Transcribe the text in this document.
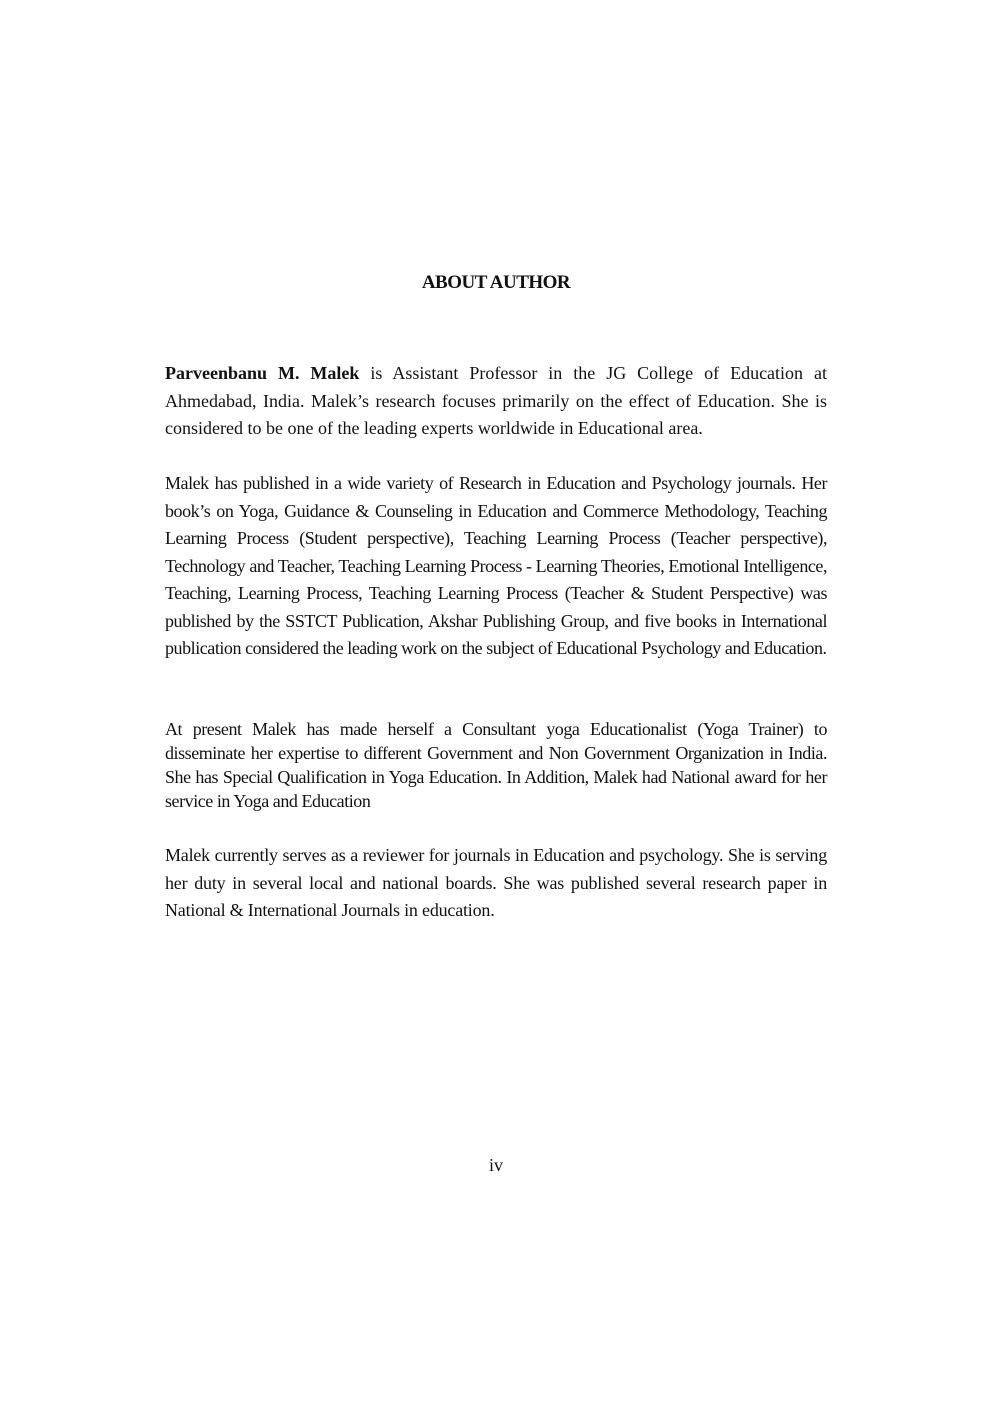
ABOUT AUTHOR

Parveenbanu M. Malek is Assistant Professor in the JG College of Education at Ahmedabad, India. Malek’s research focuses primarily on the effect of Education. She is considered to be one of the leading experts worldwide in Educational area.

Malek has published in a wide variety of Research in Education and Psychology journals. Her book’s on Yoga, Guidance & Counseling in Education and Commerce Methodology, Teaching Learning Process (Student perspective), Teaching Learning Process (Teacher perspective), Technology and Teacher, Teaching Learning Process - Learning Theories, Emotional Intelligence, Teaching, Learning Process, Teaching Learning Process (Teacher & Student Perspective) was published by the SSTCT Publication, Akshar Publishing Group, and five books in International publication considered the leading work on the subject of Educational Psychology and Education.

At present Malek has made herself a Consultant yoga Educationalist (Yoga Trainer) to disseminate her expertise to different Government and Non Government Organization in India. She has Special Qualification in Yoga Education. In Addition, Malek had National award for her service in Yoga and Education

Malek currently serves as a reviewer for journals in Education and psychology. She is serving her duty in several local and national boards. She was published several research paper in National & International Journals in education.

iv
